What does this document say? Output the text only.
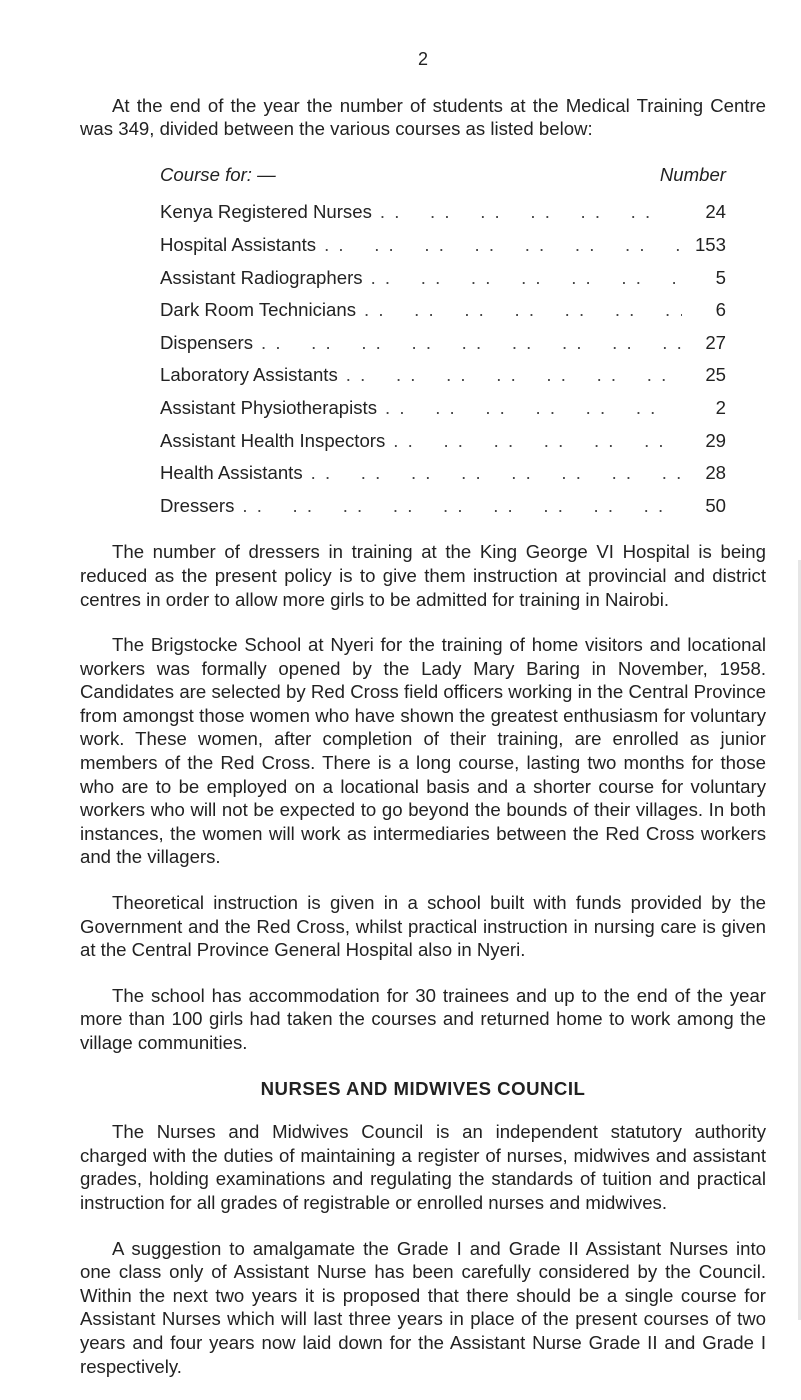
2

At the end of the year the number of students at the Medical Training Centre was 349, divided between the various courses as listed below:

Course for: —	Number
Kenya Registered Nurses . .	24
Hospital Assistants . .	153
Assistant Radiographers . .	5
Dark Room Technicians . .	6
Dispensers . .	27
Laboratory Assistants . .	25
Assistant Physiotherapists . .	2
Assistant Health Inspectors . .	29
Health Assistants . .	28
Dressers . .	50

The number of dressers in training at the King George VI Hospital is being reduced as the present policy is to give them instruction at provincial and district centres in order to allow more girls to be admitted for training in Nairobi.

The Brigstocke School at Nyeri for the training of home visitors and locational workers was formally opened by the Lady Mary Baring in November, 1958. Candidates are selected by Red Cross field officers working in the Central Province from amongst those women who have shown the greatest enthusiasm for voluntary work. These women, after completion of their training, are enrolled as junior members of the Red Cross. There is a long course, lasting two months for those who are to be employed on a locational basis and a shorter course for voluntary workers who will not be expected to go beyond the bounds of their villages. In both instances, the women will work as intermediaries between the Red Cross workers and the villagers.

Theoretical instruction is given in a school built with funds provided by the Government and the Red Cross, whilst practical instruction in nursing care is given at the Central Province General Hospital also in Nyeri.

The school has accommodation for 30 trainees and up to the end of the year more than 100 girls had taken the courses and returned home to work among the village communities.

NURSES AND MIDWIVES COUNCIL

The Nurses and Midwives Council is an independent statutory authority charged with the duties of maintaining a register of nurses, midwives and assistant grades, holding examinations and regulating the standards of tuition and practical instruction for all grades of registrable or enrolled nurses and midwives.

A suggestion to amalgamate the Grade I and Grade II Assistant Nurses into one class only of Assistant Nurse has been carefully considered by the Council. Within the next two years it is proposed that there should be a single course for Assistant Nurses which will last three years in place of the present courses of two years and four years now laid down for the Assistant Nurse Grade II and Grade I respectively.
